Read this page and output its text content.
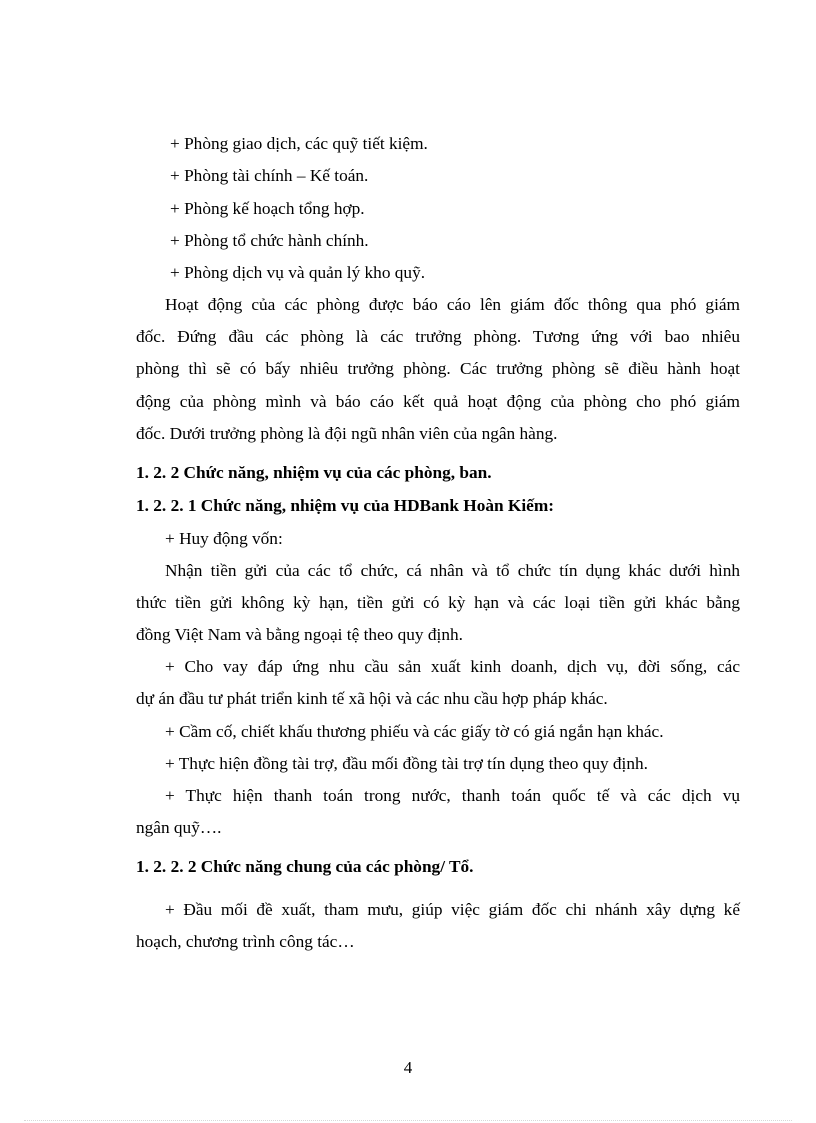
+ Phòng giao dịch, các quỹ tiết kiệm.
+ Phòng tài chính – Kế toán.
+ Phòng kế hoạch tổng hợp.
+ Phòng tổ chức hành chính.
+ Phòng dịch vụ và quản lý kho quỹ.
Hoạt động của các phòng được báo cáo lên giám đốc thông qua phó giám
đốc. Đứng đầu các phòng là các trưởng phòng. Tương ứng với bao nhiêu
phòng thì sẽ có bấy nhiêu trưởng phòng. Các trưởng phòng sẽ điều hành hoạt
động của phòng mình và báo cáo kết quả hoạt động của phòng cho phó giám
đốc. Dưới trưởng phòng là đội ngũ nhân viên của ngân hàng.
1. 2. 2 Chức năng, nhiệm vụ của các phòng, ban.
1. 2. 2. 1 Chức năng, nhiệm vụ của HDBank Hoàn Kiếm:
+ Huy động vốn:
Nhận tiền gửi của các tổ chức, cá nhân và tổ chức tín dụng khác dưới hình
thức tiền gửi không kỳ hạn, tiền gửi có kỳ hạn và các loại tiền gửi khác bằng
đồng Việt Nam và bằng ngoại tệ theo quy định.
+ Cho vay đáp ứng nhu cầu sản xuất kinh doanh, dịch vụ, đời sống, các
dự án đầu tư phát triển kinh tế xã hội và các nhu cầu hợp pháp khác.
+ Cầm cố, chiết khấu thương phiếu và các giấy tờ có giá ngắn hạn khác.
+ Thực hiện đồng tài trợ, đầu mối đồng tài trợ tín dụng theo quy định.
+ Thực hiện thanh toán trong nước, thanh toán quốc tế và các dịch vụ
ngân quỹ….
1. 2. 2. 2 Chức năng chung của các phòng/ Tổ.
+ Đầu mối đề xuất, tham mưu, giúp việc giám đốc chi nhánh xây dựng kế
hoạch, chương trình công tác…
4
